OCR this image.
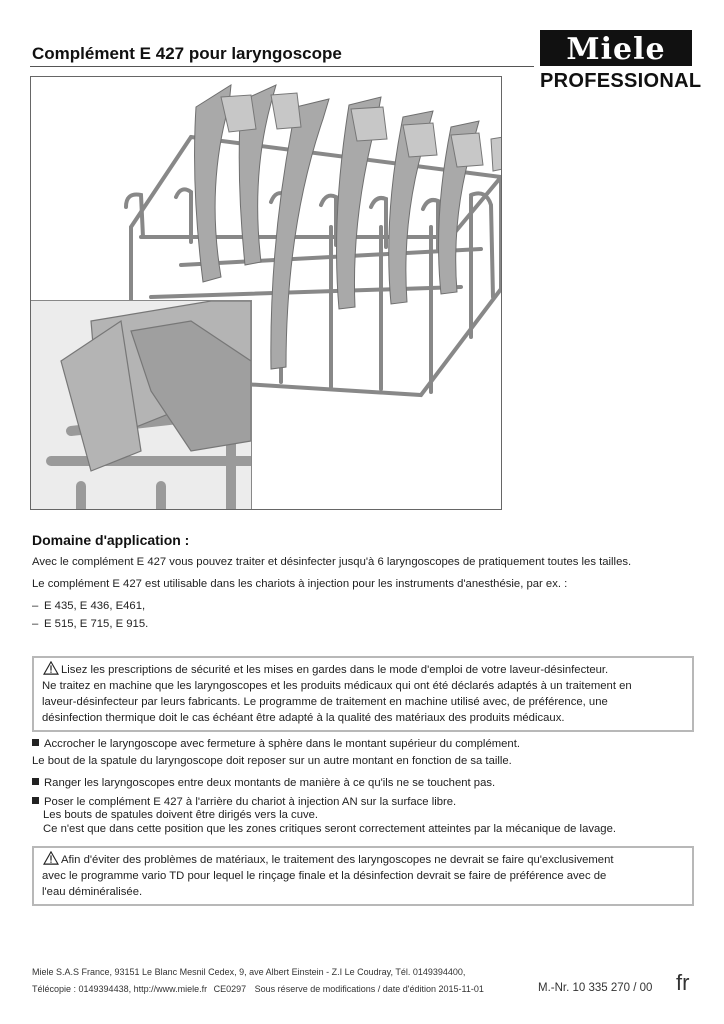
Complément E 427 pour laryngoscope	Miele
PROFESSIONAL
Domaine d'application :
Avec le complément E 427 vous pouvez traiter et désinfecter jusqu'à 6 laryngoscopes de pratiquement toutes les tailles.
Le complément E 427 est utilisable dans les chariots à injection pour les instruments d'anesthésie, par ex. :
– E 435, E 436, E461,
– E 515, E 715, E 915.
Lisez les prescriptions de sécurité et les mises en gardes dans le mode d'emploi de votre laveur-désinfecteur.
Ne traitez en machine que les laryngoscopes et les produits médicaux qui ont été déclarés adaptés à un traitement en
laveur-désinfecteur par leurs fabricants. Le programme de traitement en machine utilisé avec, de préférence, une
désinfection thermique doit le cas échéant être adapté à la qualité des matériaux des produits médicaux.
Accrocher le laryngoscope avec fermeture à sphère dans le montant supérieur du complément.
Le bout de la spatule du laryngoscope doit reposer sur un autre montant en fonction de sa taille.
Ranger les laryngoscopes entre deux montants de manière à ce qu'ils ne se touchent pas.
Poser le complément E 427 à l'arrière du chariot à injection AN sur la surface libre.
Les bouts de spatules doivent être dirigés vers la cuve.
Ce n'est que dans cette position que les zones critiques seront correctement atteintes par la mécanique de lavage.
Afin d'éviter des problèmes de matériaux, le traitement des laryngoscopes ne devrait se faire qu'exclusivement
avec le programme vario TD pour lequel le rinçage finale et la désinfection devrait se faire de préférence avec de
l'eau déminéralisée.
Miele S.A.S France, 93151 Le Blanc Mesnil Cedex, 9, ave Albert Einstein - Z.I Le Coudray, Tél. 0149394400,
Télécopie : 0149394438, http://www.miele.fr CE0297 Sous réserve de modifications / date d'édition 2015-11-01	M.-Nr. 10 335 270 / 00 fr
